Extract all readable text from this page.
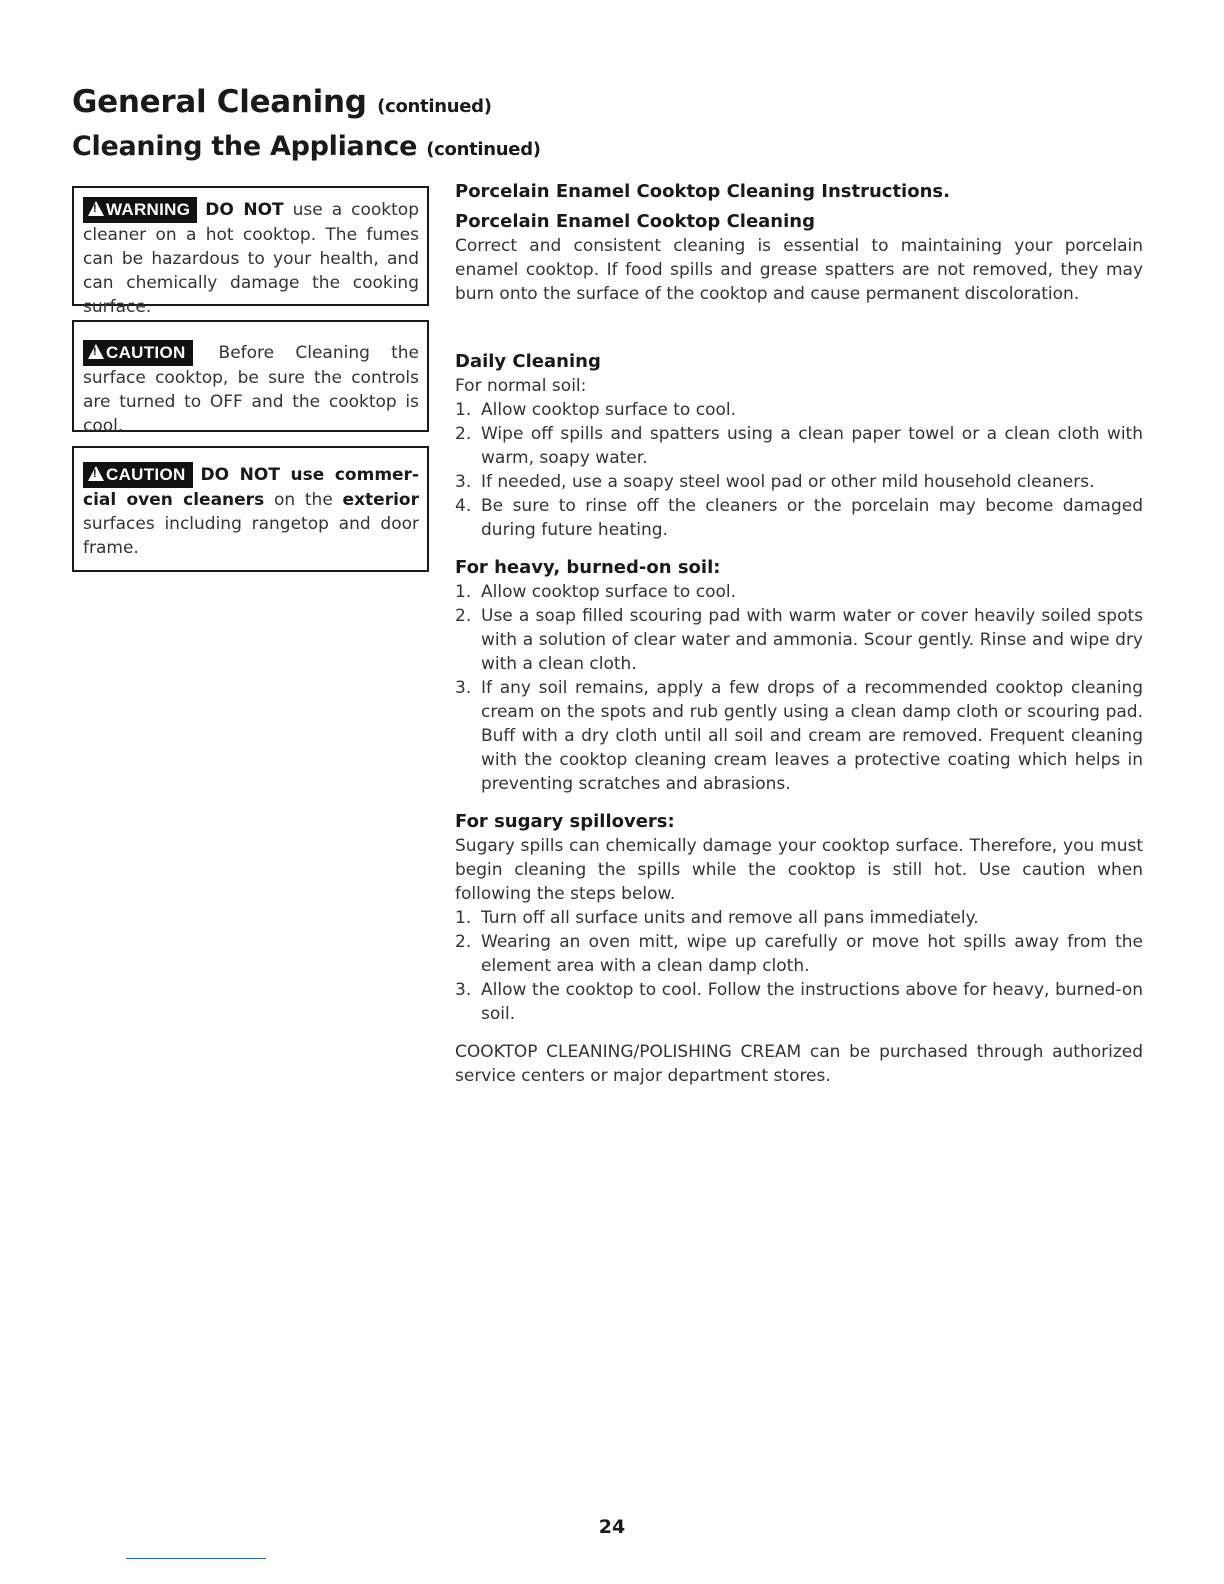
General Cleaning (continued)
Cleaning the Appliance (continued)
!WARNING DO NOT use a cooktop cleaner on a hot cooktop. The fumes can be hazardous to your health, and can chemically damage the cooking surface.
!CAUTION Before Cleaning the surface cooktop, be sure the controls are turned to OFF and the cooktop is cool.
!CAUTION DO NOT use commer-cial oven cleaners on the exterior surfaces including rangetop and door frame.
Porcelain Enamel Cooktop Cleaning Instructions.
Porcelain Enamel Cooktop Cleaning

Correct and consistent cleaning is essential to maintaining your porcelain enamel cooktop. If food spills and grease spatters are not removed, they may burn onto the surface of the cooktop and cause permanent discoloration.

Daily Cleaning

For normal soil:

1. Allow cooktop surface to cool.
2. Wipe off spills and spatters using a clean paper towel or a clean cloth with warm, soapy water.
3. If needed, use a soapy steel wool pad or other mild household cleaners.
4. Be sure to rinse off the cleaners or the porcelain may become damaged during future heating.
For heavy, burned-on soil:
1. Allow cooktop surface to cool.
2. Use a soap filled scouring pad with warm water or cover heavily soiled spots with a solution of clear water and ammonia. Scour gently. Rinse and wipe dry with a clean cloth.
3. If any soil remains, apply a few drops of a recommended cooktop cleaning cream on the spots and rub gently using a clean damp cloth or scouring pad. Buff with a dry cloth until all soil and cream are removed. Frequent cleaning with the cooktop cleaning cream leaves a protective coating which helps in preventing scratches and abrasions.
For sugary spillovers:

Sugary spills can chemically damage your cooktop surface. Therefore, you must begin cleaning the spills while the cooktop is still hot. Use caution when following the steps below.

1. Turn off all surface units and remove all pans immediately.
2. Wearing an oven mitt, wipe up carefully or move hot spills away from the element area with a clean damp cloth.
3. Allow the cooktop to cool. Follow the instructions above for heavy, burned-on soil.

COOKTOP CLEANING/POLISHING CREAM can be purchased through authorized service centers or major department stores.

24
